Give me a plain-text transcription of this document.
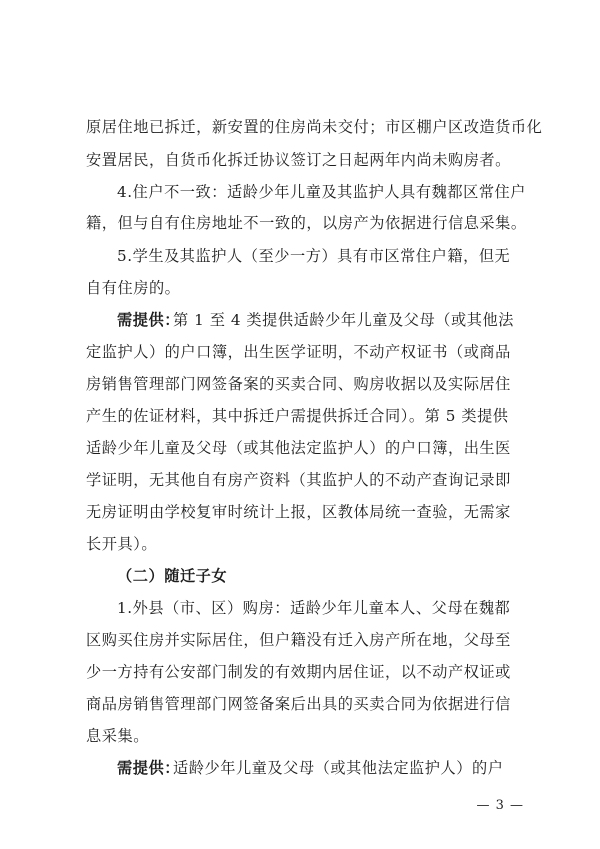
原居住地已拆迁，新安置的住房尚未交付；市区棚户区改造货币化
安置居民，自货币化拆迁协议签订之日起两年内尚未购房者。
4.住户不一致：适龄少年儿童及其监护人具有魏都区常住户
籍，但与自有住房地址不一致的，以房产为依据进行信息采集。
5.学生及其监护人（至少一方）具有市区常住户籍，但无
自有住房的。
需提供：
第 1 至 4 类提供适龄少年儿童及父母（或其他法
定监护人）的户口簿，出生医学证明，不动产权证书（或商品
房销售管理部门网签备案的买卖合同、购房收据以及实际居住
产生的佐证材料，其中拆迁户需提供拆迁合同）。第 5 类提供
适龄少年儿童及父母（或其他法定监护人）的户口簿，出生医
学证明，无其他自有房产资料（其监护人的不动产查询记录即
无房证明由学校复审时统计上报，区教体局统一查验，无需家
长开具）。
（二）随迁子女
1.外县（市、区）购房：适龄少年儿童本人、父母在魏都
区购买住房并实际居住，但户籍没有迁入房产所在地，父母至
少一方持有公安部门制发的有效期内居住证，以不动产权证或
商品房销售管理部门网签备案后出具的买卖合同为依据进行信
息采集。
需提供：
适龄少年儿童及父母（或其他法定监护人）的户
— 3 —
